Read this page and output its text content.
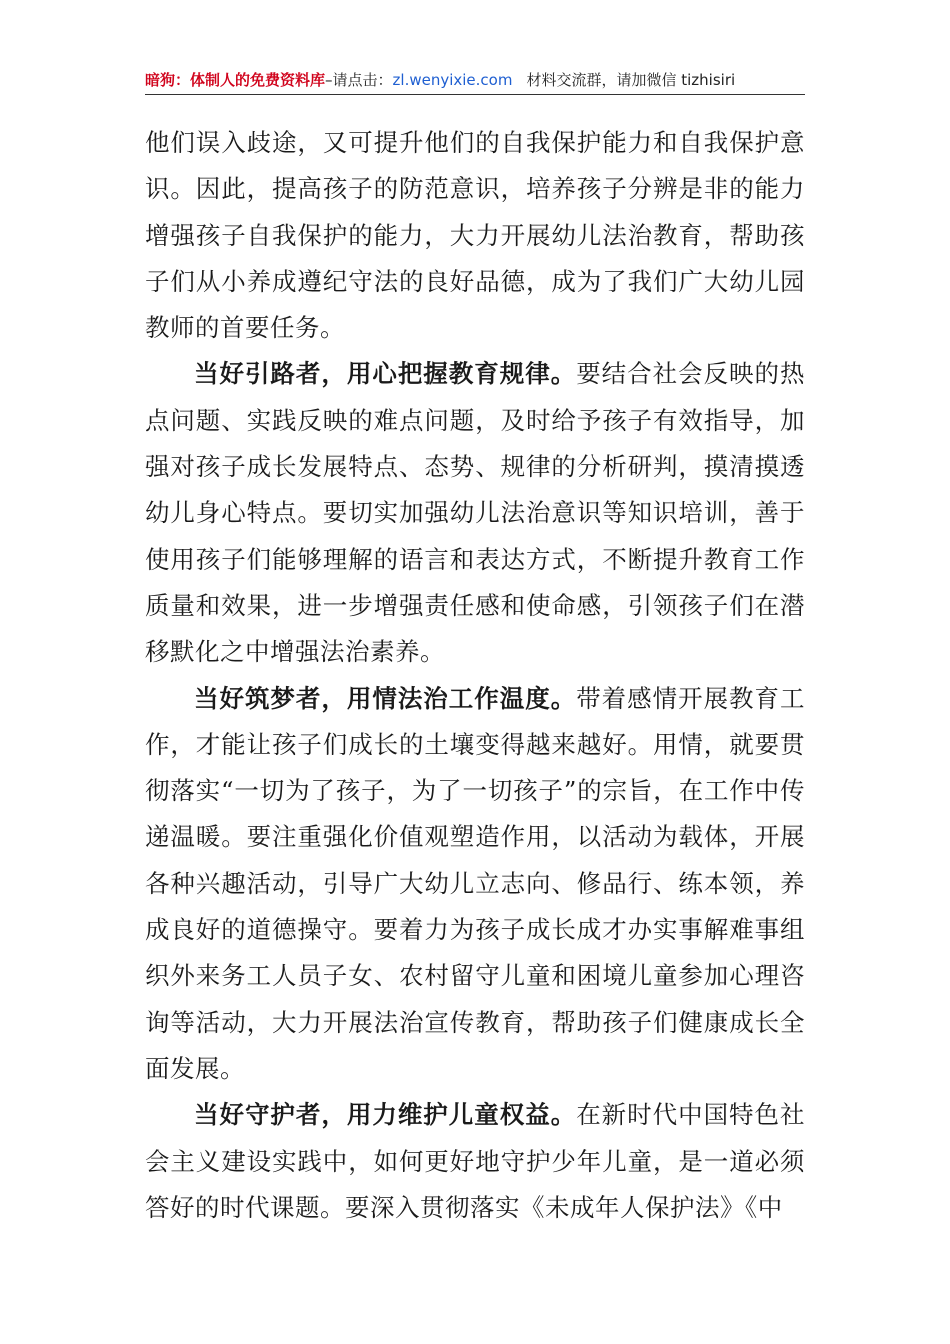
暗狗：体制人的免费资料库–请点击：zl.wenyixie.com 材料交流群，请加微信 tizhisiri

他们误入歧途，又可提升他们的自我保护能力和自我保护意识。因此，提高孩子的防范意识，培养孩子分辨是非的能力增强孩子自我保护的能力，大力开展幼儿法治教育，帮助孩子们从小养成遵纪守法的良好品德，成为了我们广大幼儿园教师的首要任务。

当好引路者，用心把握教育规律。要结合社会反映的热点问题、实践反映的难点问题，及时给予孩子有效指导，加强对孩子成长发展特点、态势、规律的分析研判，摸清摸透幼儿身心特点。要切实加强幼儿法治意识等知识培训，善于使用孩子们能够理解的语言和表达方式，不断提升教育工作质量和效果，进一步增强责任感和使命感，引领孩子们在潜移默化之中增强法治素养。

当好筑梦者，用情法治工作温度。带着感情开展教育工作，才能让孩子们成长的土壤变得越来越好。用情，就要贯彻落实“一切为了孩子，为了一切孩子”的宗旨，在工作中传递温暖。要注重强化价值观塑造作用，以活动为载体，开展各种兴趣活动，引导广大幼儿立志向、修品行、练本领，养成良好的道德操守。要着力为孩子成长成才办实事解难事组织外来务工人员子女、农村留守儿童和困境儿童参加心理咨询等活动，大力开展法治宣传教育，帮助孩子们健康成长全面发展。

当好守护者，用力维护儿童权益。在新时代中国特色社会主义建设实践中，如何更好地守护少年儿童，是一道必须答好的时代课题。要深入贯彻落实《未成年人保护法》《中
